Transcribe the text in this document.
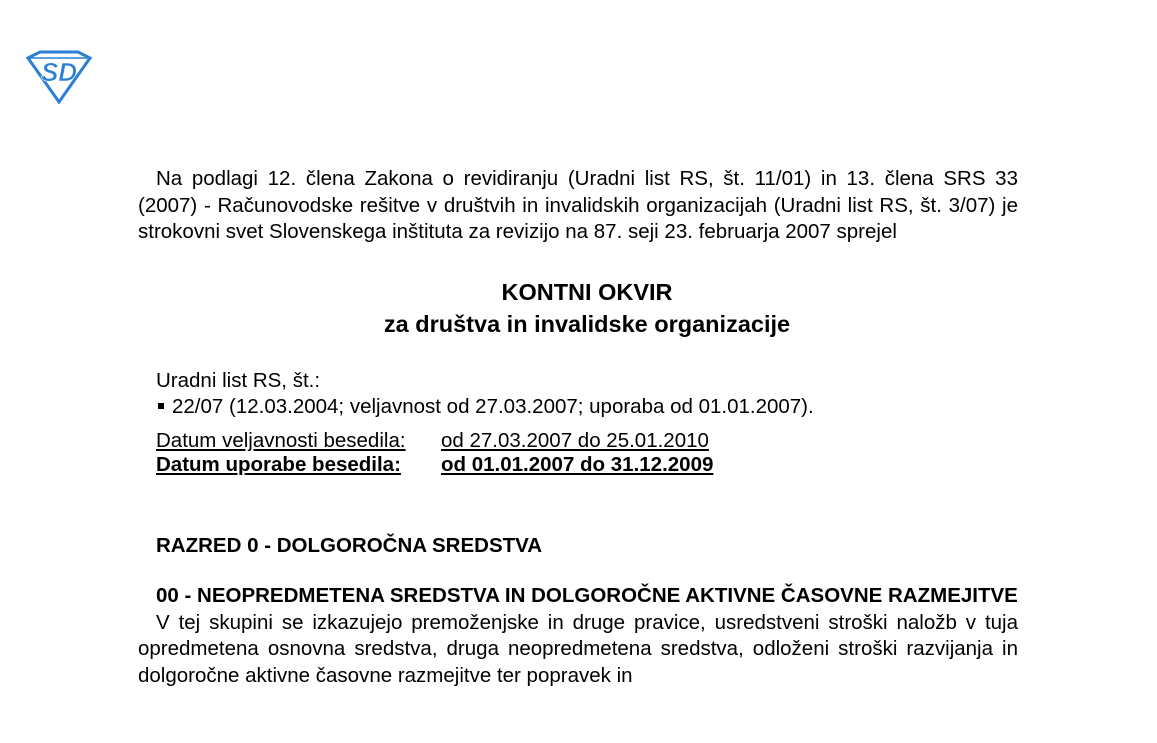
SD

Na podlagi 12. člena Zakona o revidiranju (Uradni list RS, št. 11/01) in 13. člena SRS 33 (2007) - Računovodske rešitve v društvih in invalidskih organizacijah (Uradni list RS, št. 3/07) je strokovni svet Slovenskega inštituta za revizijo na 87. seji 23. februarja 2007 sprejel

KONTNI OKVIR
za društva in invalidske organizacije
Uradni list RS, št.:
22/07 (12.03.2004; veljavnost od 27.03.2007; uporaba od 01.01.2007).
Datum veljavnosti besedila:	od 27.03.2007 do 25.01.2010
Datum uporabe besedila:	od 01.01.2007 do 31.12.2009
RAZRED 0 - DOLGOROČNA SREDSTVA

00 - NEOPREDMETENA SREDSTVA IN DOLGOROČNE AKTIVNE ČASOVNE RAZMEJITVE

V tej skupini se izkazujejo premoženjske in druge pravice, usredstveni stroški naložb v tuja opredmetena osnovna sredstva, druga neopredmetena sredstva, odloženi stroški razvijanja in dolgoročne aktivne časovne razmejitve ter popravek in
